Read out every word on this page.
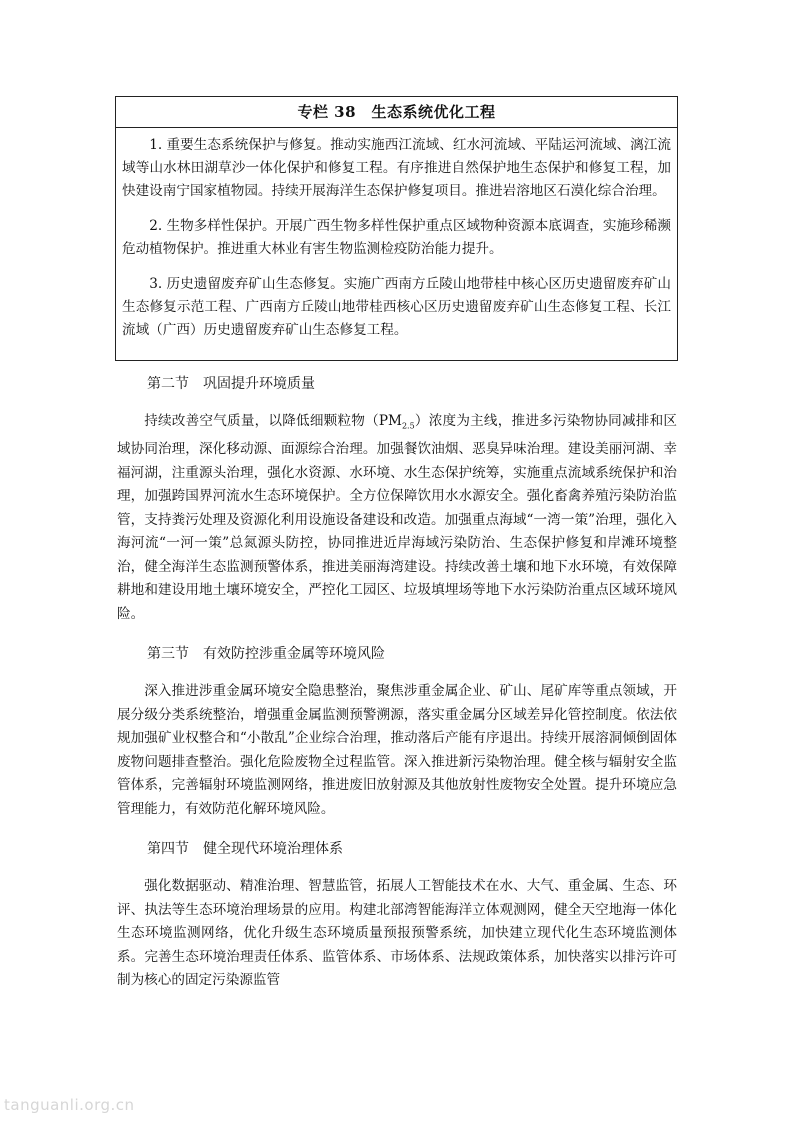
专栏 38　生态系统优化工程

1. 重要生态系统保护与修复。推动实施西江流域、红水河流域、平陆运河流域、漓江流域等山水林田湖草沙一体化保护和修复工程。有序推进自然保护地生态保护和修复工程，加快建设南宁国家植物园。持续开展海洋生态保护修复项目。推进岩溶地区石漠化综合治理。

2. 生物多样性保护。开展广西生物多样性保护重点区域物种资源本底调查，实施珍稀濒危动植物保护。推进重大林业有害生物监测检疫防治能力提升。

3. 历史遗留废弃矿山生态修复。实施广西南方丘陵山地带桂中核心区历史遗留废弃矿山生态修复示范工程、广西南方丘陵山地带桂西核心区历史遗留废弃矿山生态修复工程、长江流域（广西）历史遗留废弃矿山生态修复工程。

第二节 巩固提升环境质量

持续改善空气质量，以降低细颗粒物$(PM_{2.5})$浓度为主线，推进多污染物协同减排和区域协同治理，深化移动源、面源综合治理。加强餐饮油烟、恶臭异味治理。建设美丽河湖、幸福河湖，注重源头治理，强化水资源、水环境、水生态保护统筹，实施重点流域系统保护和治理，加强跨国界河流水生态环境保护。全方位保障饮用水水源安全。强化畜禽养殖污染防治监管，支持粪污处理及资源化利用设施设备建设和改造。加强重点海域“一湾一策”治理，强化入海河流“一河一策”总氮源头防控，协同推进近岸海域污染防治、生态保护修复和岸滩环境整治，健全海洋生态监测预警体系，推进美丽海湾建设。持续改善土壤和地下水环境，有效保障耕地和建设用地土壤环境安全，严控化工园区、垃圾填埋场等地下水污染防治重点区域环境风险。

第三节 有效防控涉重金属等环境风险

深入推进涉重金属环境安全隐患整治，聚焦涉重金属企业、矿山、尾矿库等重点领域，开展分级分类系统整治，增强重金属监测预警溯源，落实重金属分区域差异化管控制度。依法依规加强矿业权整合和“小散乱”企业综合治理，推动落后产能有序退出。持续开展溶洞倾倒固体废物问题排查整治。强化危险废物全过程监管。深入推进新污染物治理。健全核与辐射安全监管体系，完善辐射环境监测网络，推进废旧放射源及其他放射性废物安全处置。提升环境应急管理能力，有效防范化解环境风险。

第四节 健全现代环境治理体系

强化数据驱动、精准治理、智慧监管，拓展人工智能技术在水、大气、重金属、生态、环评、执法等生态环境治理场景的应用。构建北部湾智能海洋立体观测网，健全天空地海一体化生态环境监测网络，优化升级生态环境质量预报预警系统，加快建立现代化生态环境监测体系。完善生态环境治理责任体系、监管体系、市场体系、法规政策体系，加快落实以排污许可制为核心的固定污染源监管

tanguanli.org.cn
